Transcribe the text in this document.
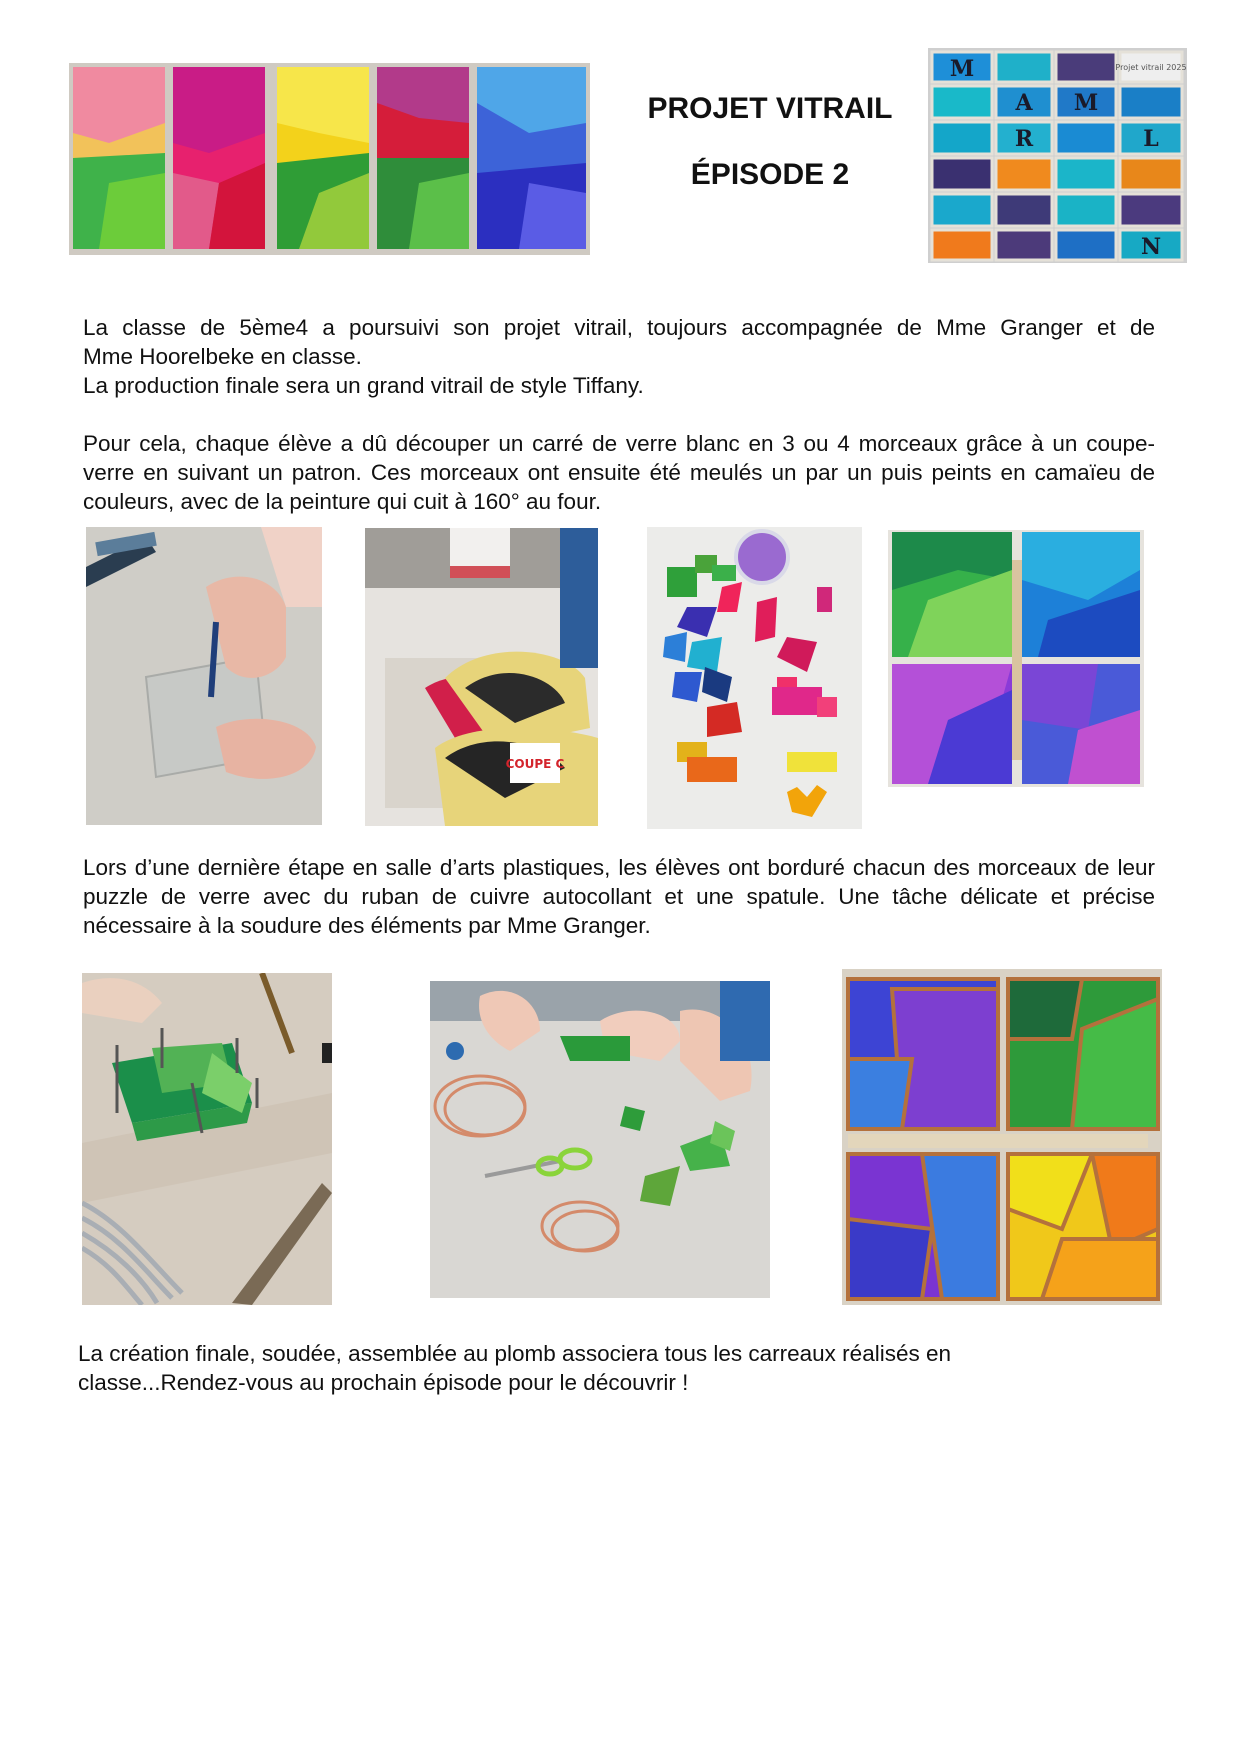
PROJET VITRAIL
ÉPISODE 2
M
A M
R	L
N
Projet vitrail 2025
La classe de 5ème4 a poursuivi son projet vitrail, toujours accompagnée de Mme Granger et de
Mme Hoorelbeke en classe.
La production finale sera un grand vitrail de style Tiffany.
Pour cela, chaque élève a dû découper un carré de verre blanc en 3 ou 4 morceaux grâce à un coupe-verre en suivant un patron. Ces morceaux ont ensuite été meulés un par un puis peints en camaïeu de couleurs, avec de la peinture qui cuit à 160° au four.
COUPE C
Lors d’une dernière étape en salle d’arts plastiques, les élèves ont borduré chacun des morceaux de leur puzzle de verre avec du ruban de cuivre autocollant et une spatule. Une tâche délicate et précise nécessaire à la soudure des éléments par Mme Granger.
La création finale, soudée, assemblée au plomb associera tous les carreaux réalisés en
classe...Rendez-vous au prochain épisode pour le découvrir !
